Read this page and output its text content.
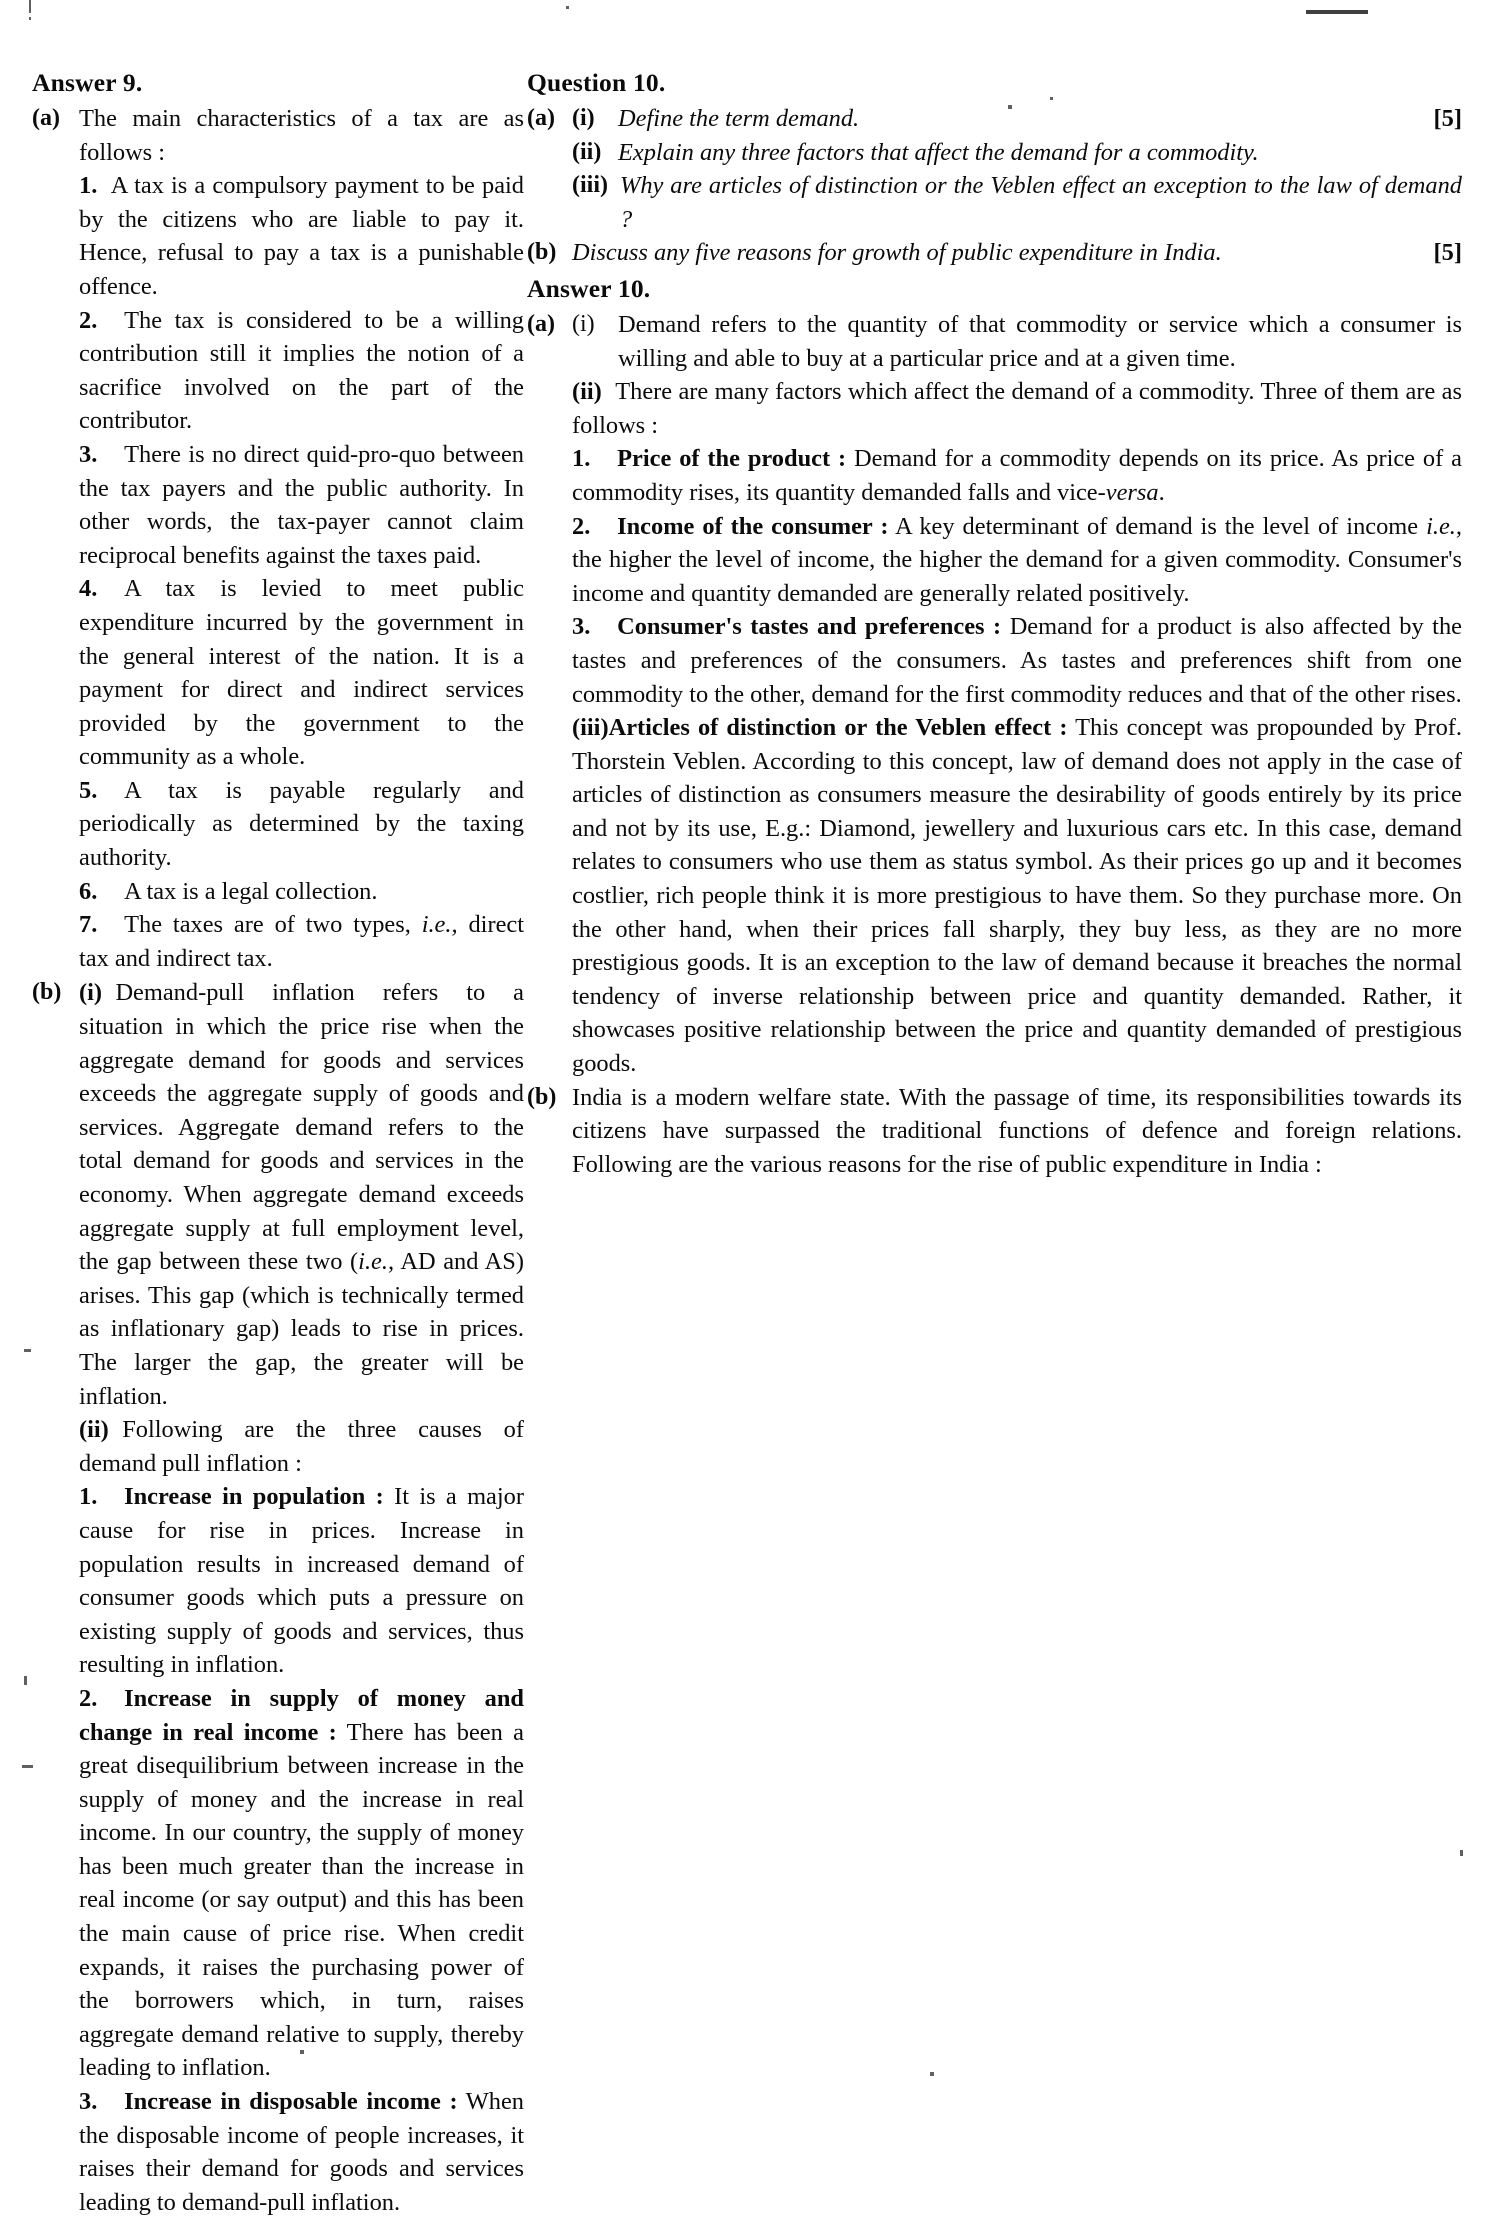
Answer 9.
(a) The main characteristics of a tax are as follows :

1. A tax is a compulsory payment to be paid by the citizens who are liable to pay it. Hence, refusal to pay a tax is a punishable offence.

2. The tax is considered to be a willing contribution still it implies the notion of a sacrifice involved on the part of the contributor.

3. There is no direct quid-pro-quo between the tax payers and the public authority. In other words, the tax-payer cannot claim reciprocal benefits against the taxes paid.

4. A tax is levied to meet public expenditure incurred by the government in the general interest of the nation. It is a payment for direct and indirect services provided by the government to the community as a whole.

5. A tax is payable regularly and periodically as determined by the taxing authority.

6. A tax is a legal collection.

7. The taxes are of two types, i.e., direct tax and indirect tax.

(b) (i) Demand-pull inflation refers to a situation in which the price rise when the aggregate demand for goods and services exceeds the aggregate supply of goods and services. Aggregate demand refers to the total demand for goods and services in the economy. When aggregate demand exceeds aggregate supply at full employment level, the gap between these two (i.e., AD and AS) arises. This gap (which is technically termed as inflationary gap) leads to rise in prices. The larger the gap, the greater will be inflation.

(ii) Following are the three causes of demand pull inflation :

1. Increase in population : It is a major cause for rise in prices. Increase in population results in increased demand of consumer goods which puts a pressure on existing supply of goods and services, thus resulting in inflation.

2. Increase in supply of money and change in real income : There has been a great disequilibrium between increase in the supply of money and the increase in real income. In our country, the supply of money has been much greater than the increase in real income (or say output) and this has been the main cause of price rise. When credit expands, it raises the purchasing power of the borrowers which, in turn, raises aggregate demand relative to supply, thereby leading to inflation.

3. Increase in disposable income : When the disposable income of people increases, it raises their demand for goods and services leading to demand-pull inflation.

Question 10.
(a) (i) Define the term demand.	[5]
(ii) Explain any three factors that affect the demand for a commodity.
(iii) Why are articles of distinction or the Veblen effect an exception to the law of demand ?
(b) Discuss any five reasons for growth of public expenditure in India.	[5]
Answer 10.
(a) (i) Demand refers to the quantity of that commodity or service which a consumer is willing and able to buy at a particular price and at a given time.

(ii) There are many factors which affect the demand of a commodity. Three of them are as follows :

1. Price of the product : Demand for a commodity depends on its price. As price of a commodity rises, its quantity demanded falls and vice-versa.

2. Income of the consumer : A key determinant of demand is the level of income i.e., the higher the level of income, the higher the demand for a given commodity. Consumer's income and quantity demanded are generally related positively.

3. Consumer's tastes and preferences : Demand for a product is also affected by the tastes and preferences of the consumers. As tastes and preferences shift from one commodity to the other, demand for the first commodity reduces and that of the other rises.

(iii)Articles of distinction or the Veblen effect : This concept was propounded by Prof. Thorstein Veblen. According to this concept, law of demand does not apply in the case of articles of distinction as consumers measure the desirability of goods entirely by its price and not by its use, E.g.: Diamond, jewellery and luxurious cars etc. In this case, demand relates to consumers who use them as status symbol. As their prices go up and it becomes costlier, rich people think it is more prestigious to have them. So they purchase more. On the other hand, when their prices fall sharply, they buy less, as they are no more prestigious goods. It is an exception to the law of demand because it breaches the normal tendency of inverse relationship between price and quantity demanded. Rather, it showcases positive relationship between the price and quantity demanded of prestigious goods.

(b) India is a modern welfare state. With the passage of time, its responsibilities towards its citizens have surpassed the traditional functions of defence and foreign relations. Following are the various reasons for the rise of public expenditure in India :
